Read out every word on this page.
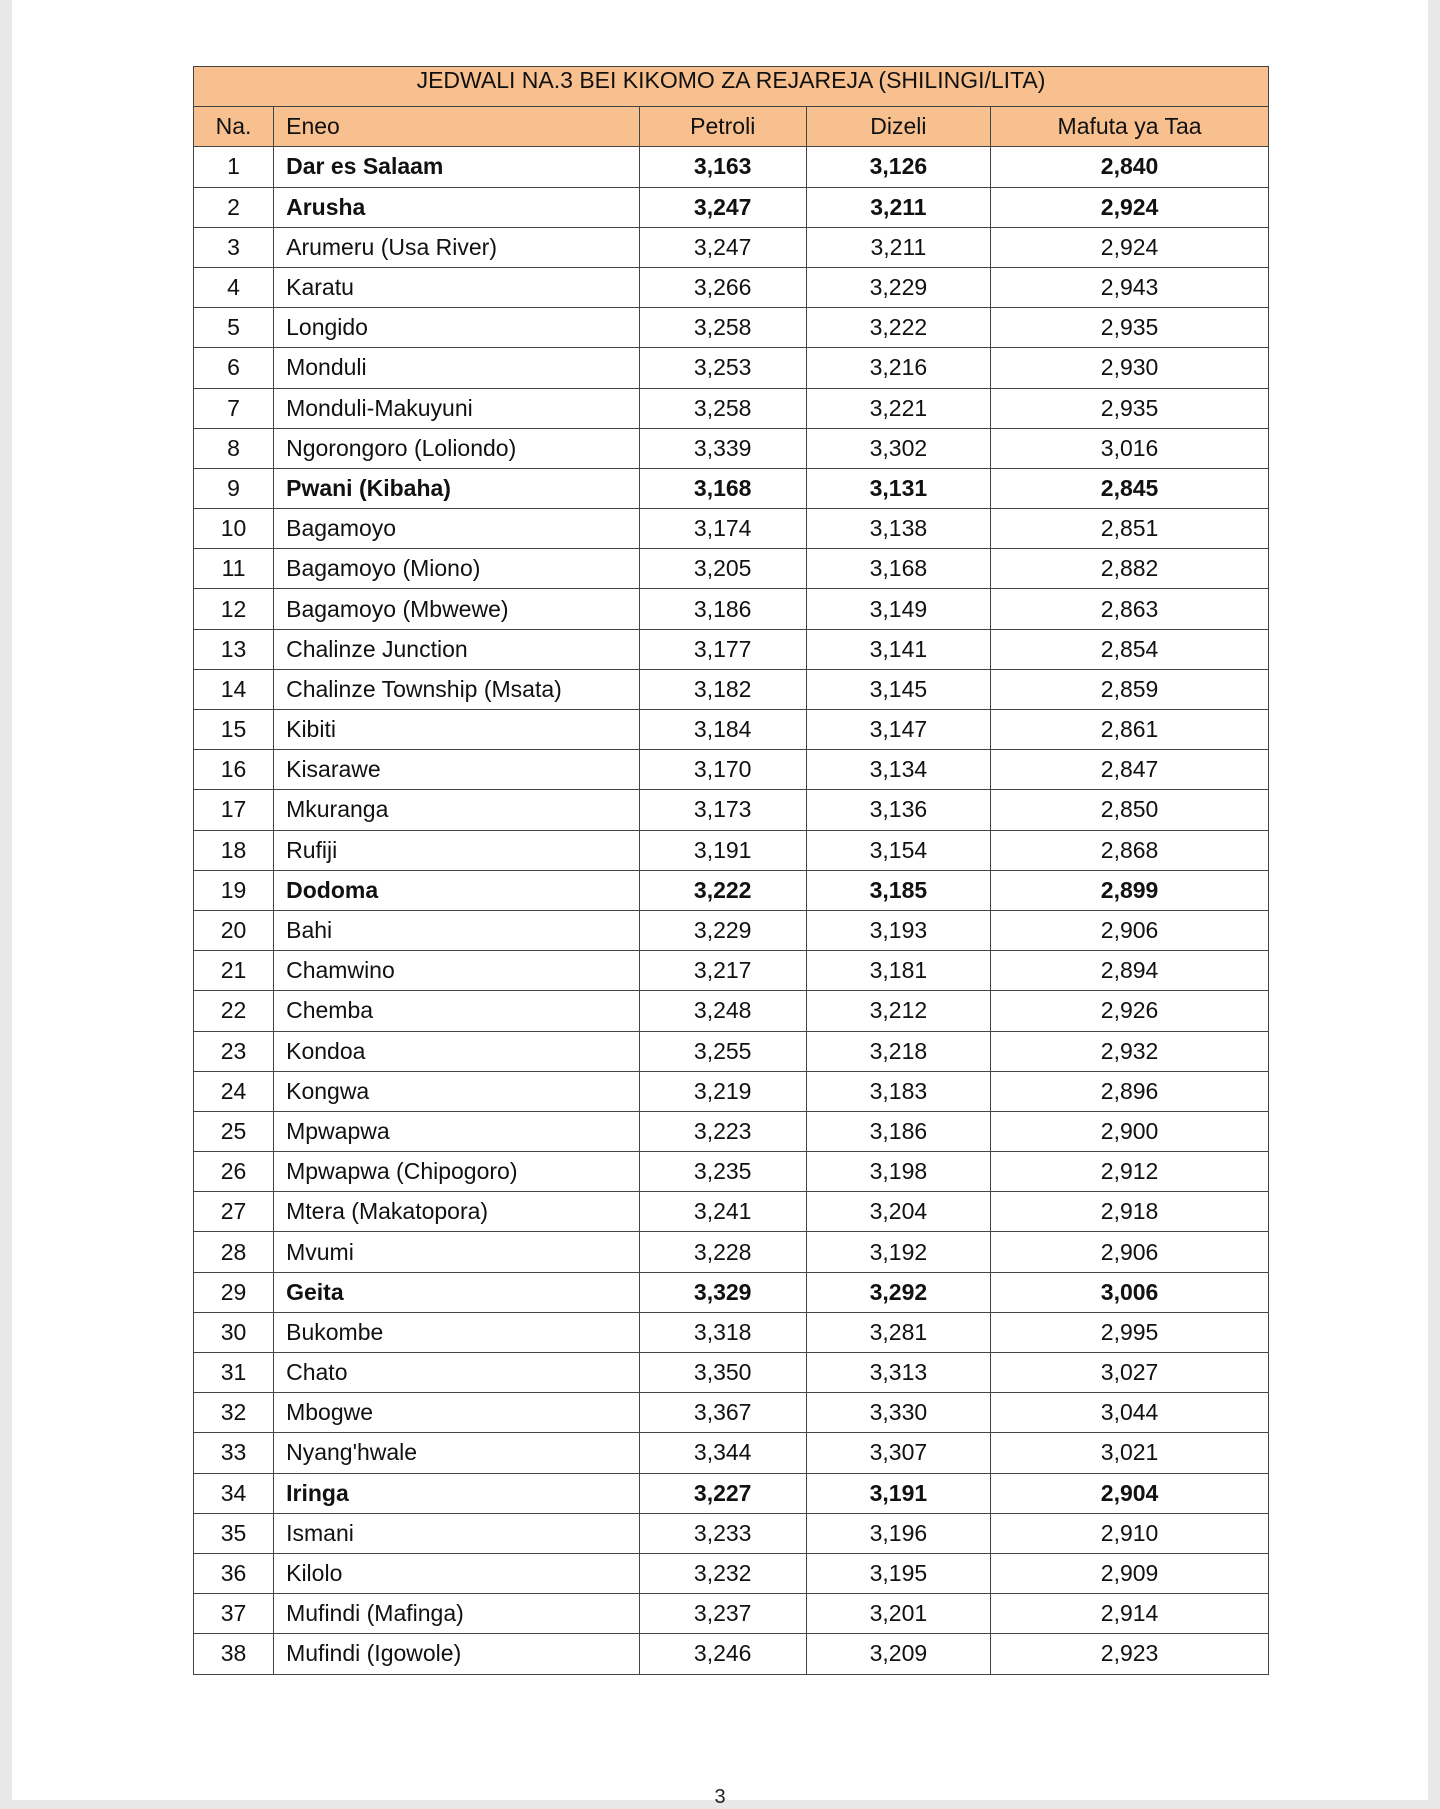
JEDWALI NA.3 BEI KIKOMO ZA REJAREJA (SHILINGI/LITA)				
Na.	Eneo	Petroli	Dizeli	Mafuta ya Taa
1	Dar es Salaam	3,163	3,126	2,840
2	Arusha	3,247	3,211	2,924
3	Arumeru (Usa River)	3,247	3,211	2,924
4	Karatu	3,266	3,229	2,943
5	Longido	3,258	3,222	2,935
6	Monduli	3,253	3,216	2,930
7	Monduli-Makuyuni	3,258	3,221	2,935
8	Ngorongoro (Loliondo)	3,339	3,302	3,016
9	Pwani (Kibaha)	3,168	3,131	2,845
10	Bagamoyo	3,174	3,138	2,851
11	Bagamoyo (Miono)	3,205	3,168	2,882
12	Bagamoyo (Mbwewe)	3,186	3,149	2,863
13	Chalinze Junction	3,177	3,141	2,854
14	Chalinze Township (Msata)	3,182	3,145	2,859
15	Kibiti	3,184	3,147	2,861
16	Kisarawe	3,170	3,134	2,847
17	Mkuranga	3,173	3,136	2,850
18	Rufiji	3,191	3,154	2,868
19	Dodoma	3,222	3,185	2,899
20	Bahi	3,229	3,193	2,906
21	Chamwino	3,217	3,181	2,894
22	Chemba	3,248	3,212	2,926
23	Kondoa	3,255	3,218	2,932
24	Kongwa	3,219	3,183	2,896
25	Mpwapwa	3,223	3,186	2,900
26	Mpwapwa (Chipogoro)	3,235	3,198	2,912
27	Mtera (Makatopora)	3,241	3,204	2,918
28	Mvumi	3,228	3,192	2,906
29	Geita	3,329	3,292	3,006
30	Bukombe	3,318	3,281	2,995
31	Chato	3,350	3,313	3,027
32	Mbogwe	3,367	3,330	3,044
33	Nyang'hwale	3,344	3,307	3,021
34	Iringa	3,227	3,191	2,904
35	Ismani	3,233	3,196	2,910
36	Kilolo	3,232	3,195	2,909
37	Mufindi (Mafinga)	3,237	3,201	2,914
38	Mufindi (Igowole)	3,246	3,209	2,923
3
